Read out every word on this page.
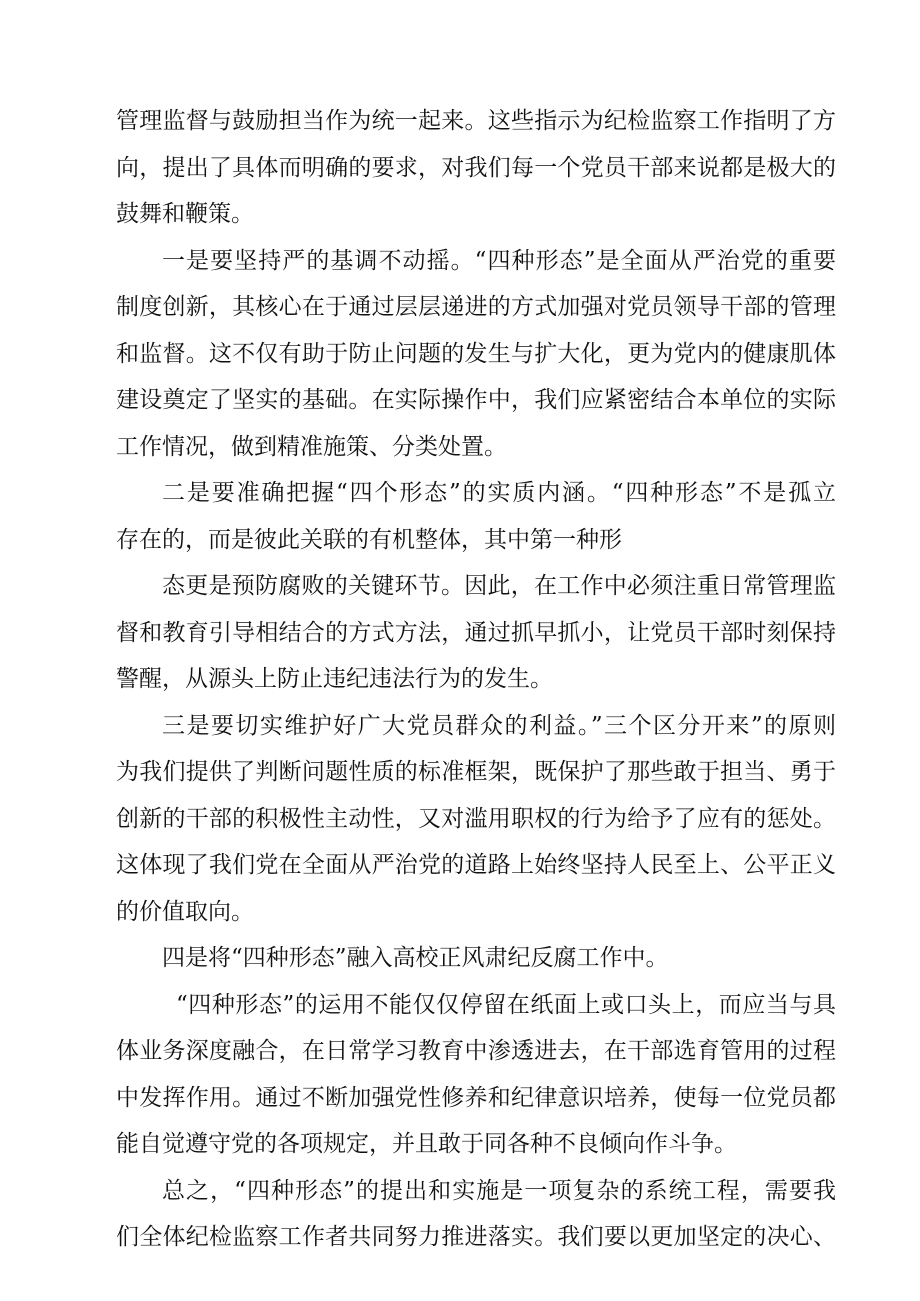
管理监督与鼓励担当作为统一起来。这些指示为纪检监察工作指明了方
向，提出了具体而明确的要求，对我们每一个党员干部来说都是极大的
鼓舞和鞭策。
一是要坚持严的基调不动摇。“四种形态”是全面从严治党的重要
制度创新，其核心在于通过层层递进的方式加强对党员领导干部的管理
和监督。这不仅有助于防止问题的发生与扩大化，更为党内的健康肌体
建设奠定了坚实的基础。在实际操作中，我们应紧密结合本单位的实际
工作情况，做到精准施策、分类处置。
二是要准确把握“四个形态”的实质内涵。“四种形态”不是孤立
存在的，而是彼此关联的有机整体，其中第一种形
态更是预防腐败的关键环节。因此，在工作中必须注重日常管理监
督和教育引导相结合的方式方法，通过抓早抓小，让党员干部时刻保持
警醒，从源头上防止违纪违法行为的发生。
三是要切实维护好广大党员群众的利益。”三个区分开来”的原则
为我们提供了判断问题性质的标准框架，既保护了那些敢于担当、勇于
创新的干部的积极性主动性，又对滥用职权的行为给予了应有的惩处。
这体现了我们党在全面从严治党的道路上始终坚持人民至上、公平正义
的价值取向。
四是将“四种形态”融入高校正风肃纪反腐工作中。
“四种形态”的运用不能仅仅停留在纸面上或口头上，而应当与具
体业务深度融合，在日常学习教育中渗透进去，在干部选育管用的过程
中发挥作用。通过不断加强党性修养和纪律意识培养，使每一位党员都
能自觉遵守党的各项规定，并且敢于同各种不良倾向作斗争。
总之，“四种形态”的提出和实施是一项复杂的系统工程，需要我
们全体纪检监察工作者共同努力推进落实。我们要以更加坚定的决心、
